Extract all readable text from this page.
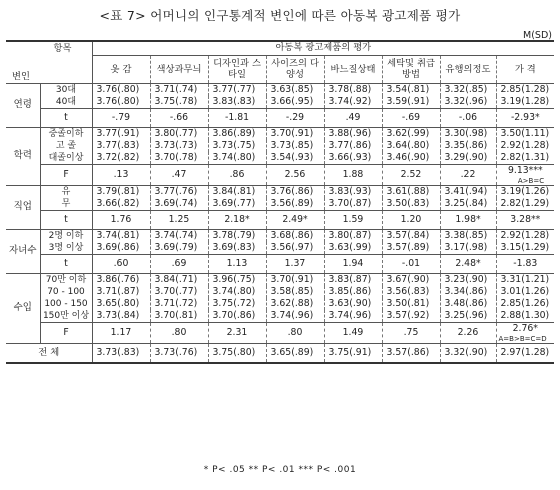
<표 7> 어머니의 인구통계적 변인에 따른 아동복 광고제품 평가
M(SD)
항목		아동복 광고제품의 평가							
변인		옷 감	색상과무늬	디자인과 스타일	사이즈의 다양성	바느질상태	세탁및 취급방법	유행의정도	가 격
연령	30대	3.76(.80)	3.71(.74)	3.77(.77)	3.63(.85)	3.78(.88)	3.54(.81)	3.32(.85)	2.85(1.28)
	40대	3.76(.80)	3.75(.78)	3.83(.83)	3.66(.95)	3.74(.92)	3.59(.91)	3.32(.96)	3.19(1.28)
	t	-.79	-.66	-1.81	-.29	.49	-.69	-.06	-2.93*
학력	중졸이하	3.77(.91)	3.80(.77)	3.86(.89)	3.70(.91)	3.88(.96)	3.62(.99)	3.30(.98)	3.50(1.11)
	고 졸	3.77(.83)	3.73(.73)	3.73(.75)	3.73(.85)	3.77(.86)	3.64(.80)	3.35(.86)	2.92(1.28)
	대졸이상	3.72(.82)	3.70(.78)	3.74(.80)	3.54(.93)	3.66(.93)	3.46(.90)	3.29(.90)	2.82(1.31)
	F	.13	.47	.86	2.56	1.88	2.52	.22	9.13***
A>B=C

직업	유	3.79(.81)	3.77(.76)	3.84(.81)	3.76(.86)	3.83(.93)	3.61(.88)	3.41(.94)	3.19(1.26)
	무	3.66(.82)	3.69(.74)	3.69(.77)	3.56(.89)	3.70(.87)	3.50(.83)	3.25(.84)	2.82(1.29)
	t	1.76	1.25	2.18*	2.49*	1.59	1.20	1.98*	3.28**
자녀수	2명 이하	3.74(.81)	3.74(.74)	3.78(.79)	3.68(.86)	3.80(.87)	3.57(.84)	3.38(.85)	2.92(1.28)
	3명 이상	3.69(.86)	3.69(.79)	3.69(.83)	3.56(.97)	3.63(.99)	3.57(.89)	3.17(.98)	3.15(1.29)
	t	.60	.69	1.13	1.37	1.94	-.01	2.48*	-1.83
수입	70만 이하	3.86(.76)	3.84(.71)	3.96(.75)	3.70(.91)	3.83(.87)	3.67(.90)	3.23(.90)	3.31(1.21)
	70 - 100	3.71(.87)	3.70(.77)	3.74(.80)	3.58(.85)	3.85(.86)	3.56(.83)	3.34(.86)	3.01(1.26)
	100 - 150	3.65(.80)	3.71(.72)	3.75(.72)	3.62(.88)	3.63(.90)	3.50(.81)	3.48(.86)	2.85(1.26)
	150만 이상	3.73(.84)	3.70(.81)	3.70(.86)	3.74(.96)	3.74(.96)	3.57(.92)	3.25(.96)	2.88(1.30)
	F	1.17	.80	2.31	.80	1.49	.75	2.26	2.76*
A=B>B=C=D

전 체		3.73(.83)	3.73(.76)	3.75(.80)	3.65(.89)	3.75(.91)	3.57(.86)	3.32(.90)	2.97(1.28)
* P< .05 ** P< .01 *** P< .001
